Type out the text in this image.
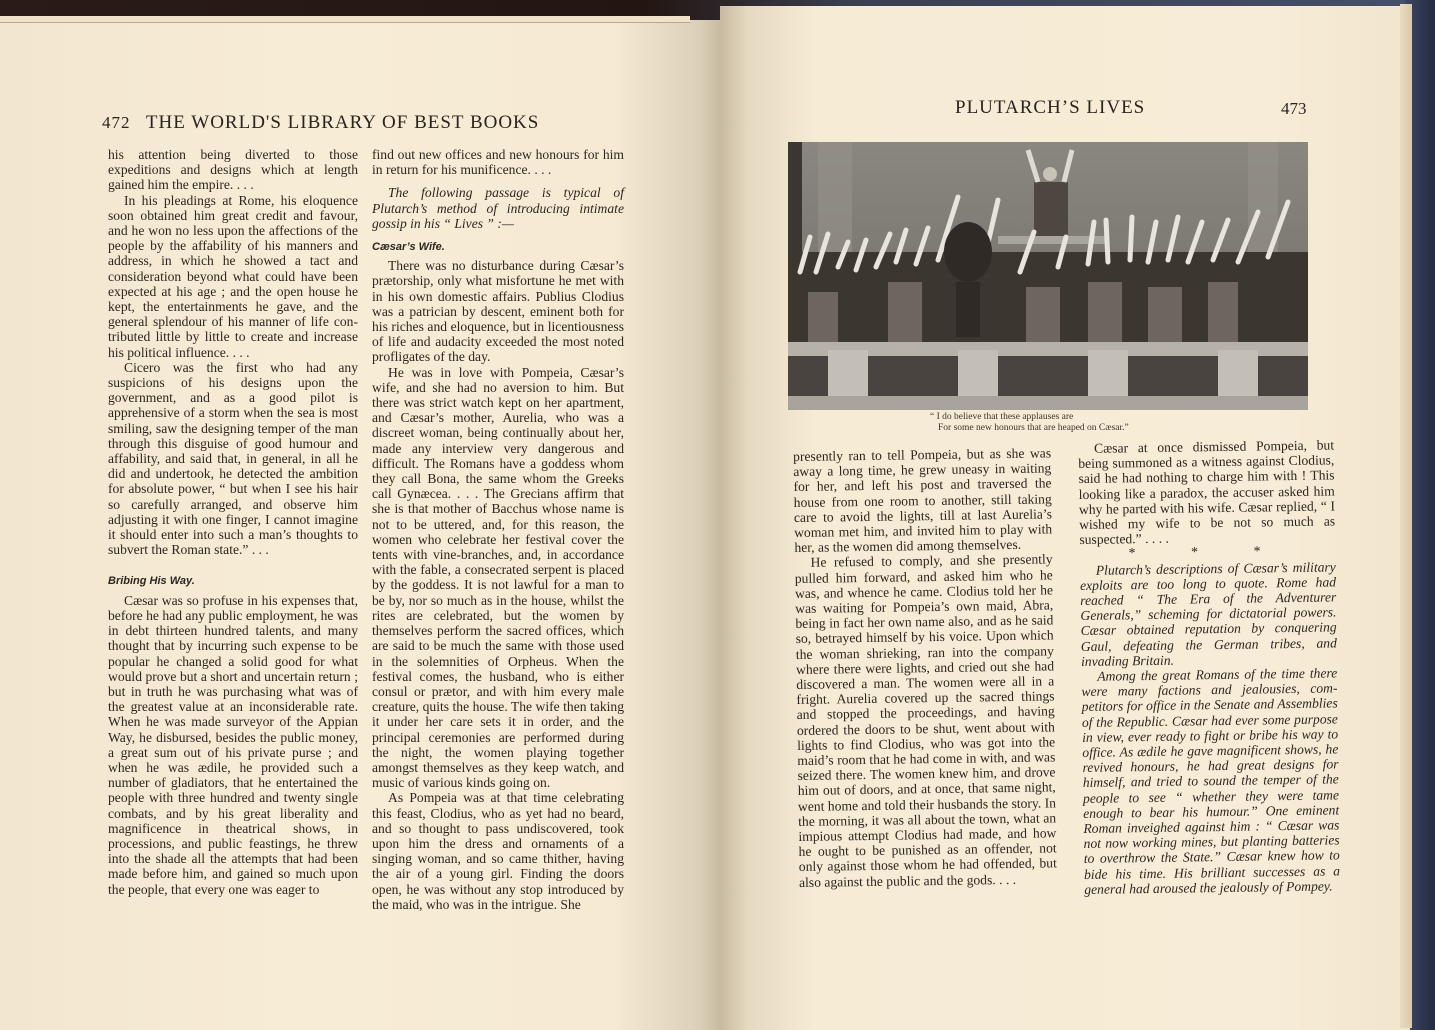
472 THE WORLD'S LIBRARY OF BEST BOOKS

his attention being diverted to those expeditions and designs which at length gained him the empire. . . .

In his pleadings at Rome, his eloquence soon obtained him great credit and favour, and he won no less upon the affections of the people by the affability of his manners and address, in which he showed a tact and consideration beyond what could have been expected at his age ; and the open house he kept, the entertainments he gave, and the general splendour of his manner of life contributed little by little to create and increase his political influence. . . .

Cicero was the first who had any suspicions of his designs upon the government, and as a good pilot is apprehensive of a storm when the sea is most smiling, saw the designing temper of the man through this disguise of good humour and affability, and said that, in general, in all he did and undertook, he detected the ambition for absolute power, “ but when I see his hair so carefully arranged, and observe him adjusting it with one finger, I cannot imagine it should enter into such a man’s thoughts to subvert the Roman state.” . . .

Bribing His Way.

Cæsar was so profuse in his expenses that, before he had any public employment, he was in debt thirteen hundred talents, and many thought that by incurring such expense to be popular he changed a solid good for what would prove but a short and uncertain return ; but in truth he was purchasing what was of the greatest value at an inconsiderable rate. When he was made surveyor of the Appian Way, he disbursed, besides the public money, a great sum out of his private purse ; and when he was ædile, he provided such a number of gladiators, that he entertained the people with three hundred and twenty single combats, and by his great liberality and magnificence in theatrical shows, in processions, and public feastings, he threw into the shade all the attempts that had been made before him, and gained so much upon the people, that every one was eager to

find out new offices and new honours for him in return for his munificence. . . .

The following passage is typical of Plutarch’s method of introducing intimate gossip in his “ Lives ” :—

Cæsar’s Wife.

There was no disturbance during Cæsar’s prætorship, only what misfortune he met with in his own domestic affairs. Publius Clodius was a patrician by descent, eminent both for his riches and eloquence, but in licentiousness of life and audacity exceeded the most noted profligates of the day.

He was in love with Pompeia, Cæsar’s wife, and she had no aversion to him. But there was strict watch kept on her apartment, and Cæsar’s mother, Aurelia, who was a discreet woman, being continually about her, made any interview very dangerous and difficult. The Romans have a goddess whom they call Bona, the same whom the Greeks call Gynæcea. . . . The Grecians affirm that she is that mother of Bacchus whose name is not to be uttered, and, for this reason, the women who celebrate her festival cover the tents with vine-branches, and, in accordance with the fable, a consecrated serpent is placed by the goddess. It is not lawful for a man to be by, nor so much as in the house, whilst the rites are celebrated, but the women by themselves perform the sacred offices, which are said to be much the same with those used in the solemnities of Orpheus. When the festival comes, the husband, who is either consul or prætor, and with him every male creature, quits the house. The wife then taking it under her care sets it in order, and the principal ceremonies are performed during the night, the women playing together amongst themselves as they keep watch, and music of various kinds going on.

As Pompeia was at that time celebrating this feast, Clodius, who as yet had no beard, and so thought to pass undiscovered, took upon him the dress and ornaments of a singing woman, and so came thither, having the air of a young girl. Finding the doors open, he was without any stop introduced by the maid, who was in the intrigue. She

PLUTARCH’S LIVES	473
“ I do believe that these applauses are
For some new honours that are heaped on Cæsar.”

presently ran to tell Pompeia, but as she was away a long time, he grew uneasy in waiting for her, and left his post and traversed the house from one room to another, still taking care to avoid the lights, till at last Aurelia’s woman met him, and invited him to play with her, as the women did among themselves.

He refused to comply, and she presently pulled him forward, and asked him who he was, and whence he came. Clodius told her he was waiting for Pompeia’s own maid, Abra, being in fact her own name also, and as he said so, betrayed himself by his voice. Upon which the woman shrieking, ran into the company where there were lights, and cried out she had discovered a man. The women were all in a fright. Aurelia covered up the sacred things and stopped the proceedings, and having ordered the doors to be shut, went about with lights to find Clodius, who was got into the maid’s room that he had come in with, and was seized there. The women knew him, and drove him out of doors, and at once, that same night, went home and told their husbands the story. In the morning, it was all about the town, what an impious attempt Clodius had made, and how he ought to be punished as an offender, not only against those whom he had offended, but also against the public and the gods. . . .

Cæsar at once dismissed Pompeia, but being summoned as a witness against Clodius, said he had nothing to charge him with ! This looking like a paradox, the accuser asked him why he parted with his wife. Cæsar replied, “ I wished my wife to be not so much as suspected.” . . . .

* * *

Plutarch’s descriptions of Cæsar’s military exploits are too long to quote. Rome had reached “ The Era of the Adventurer Generals,” scheming for dictatorial powers. Cæsar obtained reputation by conquering Gaul, defeating the German tribes, and invading Britain.

Among the great Romans of the time there were many factions and jealousies, competitors for office in the Senate and Assemblies of the Republic. Cæsar had ever some purpose in view, ever ready to fight or bribe his way to office. As ædile he gave magnificent shows, he revived honours, he had great designs for himself, and tried to sound the temper of the people to see “ whether they were tame enough to bear his humour.” One eminent Roman inveighed against him : “ Cæsar was not now working mines, but planting batteries to overthrow the State.” Cæsar knew how to bide his time. His brilliant successes as a general had aroused the jealously of Pompey.
